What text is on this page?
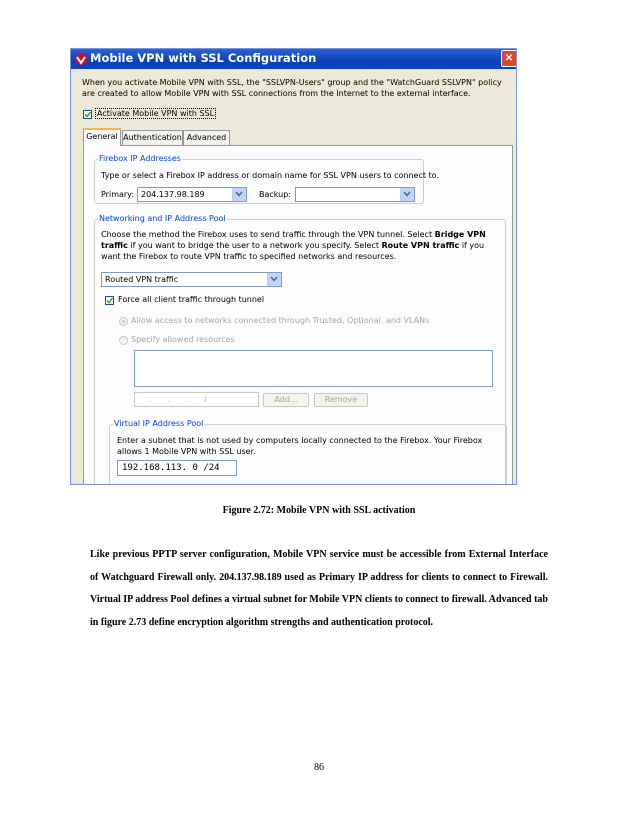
Mobile VPN with SSL Configuration	✕
When you activate Mobile VPN with SSL, the "SSLVPN-Users" group and the "WatchGuard SSLVPN" policy are created to allow Mobile VPN with SSL connections from the Internet to the external interface.
Activate Mobile VPN with SSL
General Authentication Advanced
Firebox IP Addresses
Type or select a Firebox IP address or domain name for SSL VPN users to connect to.
Primary: 204.137.98.189	Backup:
Networking and IP Address Pool
Choose the method the Firebox uses to send traffic through the VPN tunnel. Select Bridge VPN traffic if you want to bridge the user to a network you specify. Select Route VPN traffic if you want the Firebox to route VPN traffic to specified networks and resources.
Routed VPN traffic
Force all client traffic through tunnel
Allow access to networks connected through Trusted, Optional, and VLANs
Specify allowed resources
. . . /	Add...	Remove
Virtual IP Address Pool
Enter a subnet that is not used by computers locally connected to the Firebox. Your Firebox allows 1 Mobile VPN with SSL user.
192.168.113. 0 /24
Figure 2.72: Mobile VPN with SSL activation
Like previous PPTP server configuration, Mobile VPN service must be accessible from External Interface of Watchguard Firewall only. 204.137.98.189 used as Primary IP address for clients to connect to Firewall. Virtual IP address Pool defines a virtual subnet for Mobile VPN clients to connect to firewall. Advanced tab in figure 2.73 define encryption algorithm strengths and authentication protocol.
86
